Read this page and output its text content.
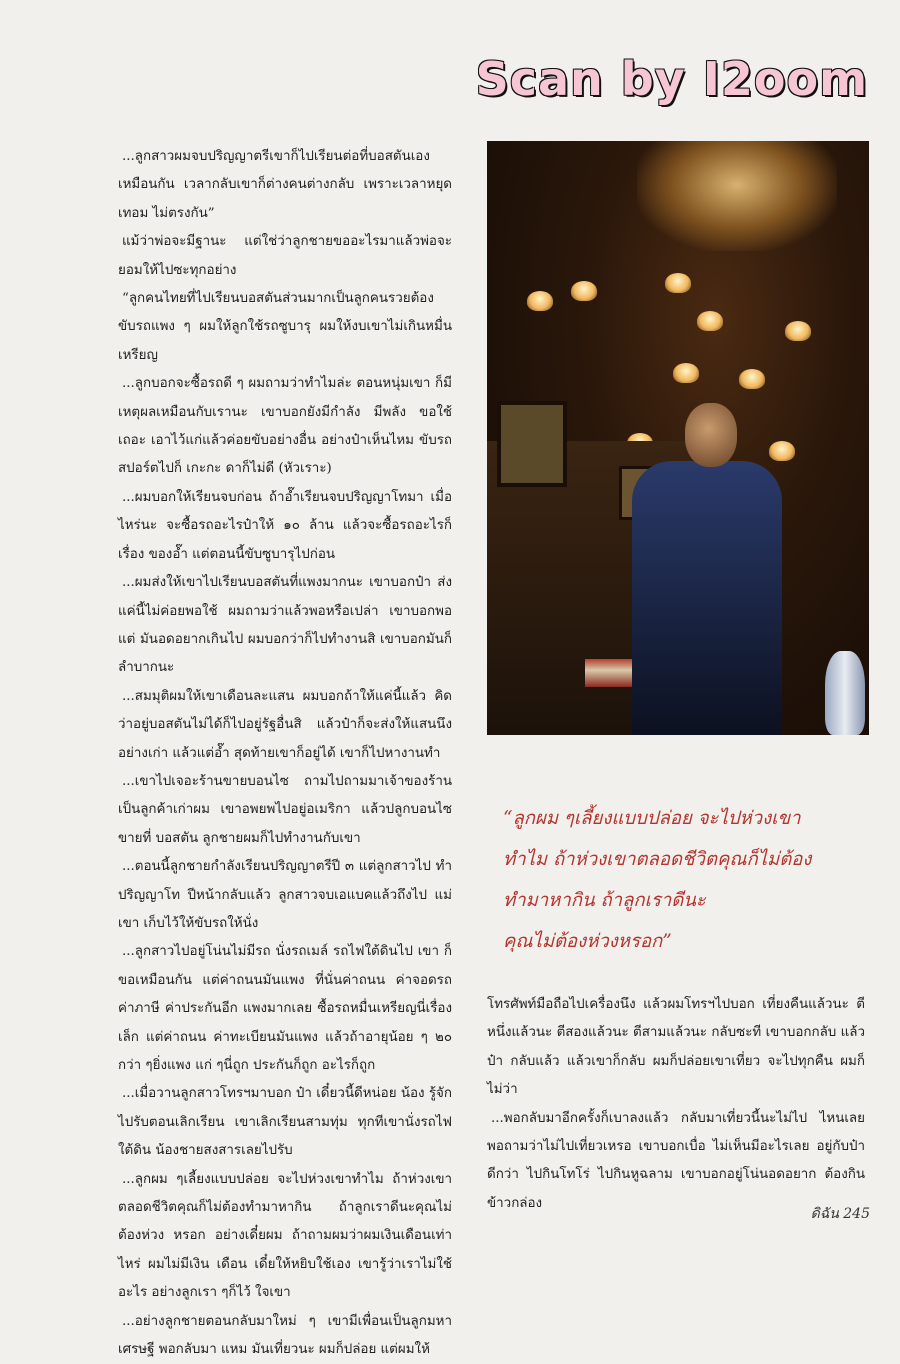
Scan by I2oom

...ลูกสาวผมจบปริญญาตรีเขาก็ไปเรียนต่อที่บอสตันเอง เหมือนกัน เวลากลับเขาก็ต่างคนต่างกลับ เพราะเวลาหยุดเทอม ไม่ตรงกัน”

แม้ว่าพ่อจะมีฐานะ แต่ใช่ว่าลูกชายขออะไรมาแล้วพ่อจะ ยอมให้ไปซะทุกอย่าง

“ลูกคนไทยที่ไปเรียนบอสตันส่วนมากเป็นลูกคนรวยต้อง ขับรถแพง ๆ ผมให้ลูกใช้รถซูบารุ ผมให้งบเขาไม่เกินหมื่นเหรียญ

...ลูกบอกจะซื้อรถดี ๆ ผมถามว่าทำไมล่ะ ตอนหนุ่มเขา ก็มีเหตุผลเหมือนกับเรานะ เขาบอกยังมีกำลัง มีพลัง ขอใช้เถอะ เอาไว้แก่แล้วค่อยขับอย่างอื่น อย่างป๋าเห็นไหม ขับรถสปอร์ตไปก็ เกะกะ ดาก็ไม่ดี (หัวเราะ)

...ผมบอกให้เรียนจบก่อน ถ้าอ๊ำเรียนจบปริญญาโทมา เมื่อไหร่นะ จะซื้อรถอะไรป๋าให้ ๑๐ ล้าน แล้วจะซื้อรถอะไรก็เรื่อง ของอ๊ำ แต่ตอนนี้ขับซูบารุไปก่อน

...ผมส่งให้เขาไปเรียนบอสตันที่แพงมากนะ เขาบอกป๋า ส่งแค่นี้ไม่ค่อยพอใช้ ผมถามว่าแล้วพอหรือเปล่า เขาบอกพอ แต่ มันอดอยากเกินไป ผมบอกว่าก็ไปทำงานสิ เขาบอกมันก็ลำบากนะ

...สมมุติผมให้เขาเดือนละแสน ผมบอกถ้าให้แค่นี้แล้ว คิดว่าอยู่บอสตันไม่ได้ก็ไปอยู่รัฐอื่นสิ แล้วป๋าก็จะส่งให้แสนนึง อย่างเก่า แล้วแต่อ๊ำ สุดท้ายเขาก็อยู่ได้ เขาก็ไปหางานทำ

...เขาไปเจอะร้านขายบอนไซ ถามไปถามมาเจ้าของร้าน เป็นลูกค้าเก่าผม เขาอพยพไปอยู่อเมริกา แล้วปลูกบอนไซขายที่ บอสตัน ลูกชายผมก็ไปทำงานกับเขา

...ตอนนี้ลูกชายกำลังเรียนปริญญาตรีปี ๓ แต่ลูกสาวไป ทำปริญญาโท ปีหน้ากลับแล้ว ลูกสาวจบเอแบคแล้วถึงไป แม่เขา เก็บไว้ให้ขับรถให้นั่ง

...ลูกสาวไปอยู่โน่นไม่มีรถ นั่งรถเมล์ รถไฟใต้ดินไป เขา ก็ขอเหมือนกัน แต่ค่าถนนมันแพง ที่นั่นค่าถนน ค่าจอดรถ ค่าภาษี ค่าประกันอีก แพงมากเลย ซื้อรถหมื่นเหรียญนี่เรื่องเล็ก แต่ค่าถนน ค่าทะเบียนมันแพง แล้วถ้าอายุน้อย ๆ ๒๐ กว่า ๆยิ่งแพง แก่ ๆนี่ถูก ประกันก็ถูก อะไรก็ถูก

...เมื่อวานลูกสาวโทรฯมาบอก ป๋า เดี๋ยวนี้ดีหน่อย น้อง รู้จักไปรับตอนเลิกเรียน เขาเลิกเรียนสามทุ่ม ทุกทีเขานั่งรถไฟ ใต้ดิน น้องชายสงสารเลยไปรับ

...ลูกผม ๆเลี้ยงแบบปล่อย จะไปห่วงเขาทำไม ถ้าห่วงเขา ตลอดชีวิตคุณก็ไม่ต้องทำมาหากิน ถ้าลูกเราดีนะคุณไม่ต้องห่วง หรอก อย่างเดี๋ยผม ถ้าถามผมว่าผมเงินเดือนเท่าไหร่ ผมไม่มีเงิน เดือน เดี๋ยให้หยิบใช้เอง เขารู้ว่าเราไม่ใช้อะไร อย่างลูกเรา ๆก็ไว้ ใจเขา

...อย่างลูกชายตอนกลับมาใหม่ ๆ เขามีเพื่อนเป็นลูกมหา เศรษฐี พอกลับมา แหม มันเที่ยวนะ ผมก็ปล่อย แต่ผมให้

“ลูกผม ๆเลี้ยงแบบปล่อย จะไปห่วงเขา

ทำไม ถ้าห่วงเขาตลอดชีวิตคุณก็ไม่ต้อง

ทำมาหากิน ถ้าลูกเราดีนะ

คุณไม่ต้องห่วงหรอก”

โทรศัพท์มือถือไปเครื่องนึง แล้วผมโทรฯไปบอก เที่ยงคืนแล้วนะ ตี หนึ่งแล้วนะ ตีสองแล้วนะ ตีสามแล้วนะ กลับซะที เขาบอกกลับ แล้วป๋า กลับแล้ว แล้วเขาก็กลับ ผมก็ปล่อยเขาเที่ยว จะไปทุกคืน ผมก็ไม่ว่า

...พอกลับมาอีกครั้งก็เบาลงแล้ว กลับมาเที่ยวนี้นะไม่ไป ไหนเลย พอถามว่าไม่ไปเที่ยวเหรอ เขาบอกเบื่อ ไม่เห็นมีอะไรเลย อยู่กับป๋าดีกว่า ไปกินโทโร่ ไปกินหูฉลาม เขาบอกอยู่โน่นอดอยาก ต้องกินข้าวกล่อง

ดิฉัน 245
